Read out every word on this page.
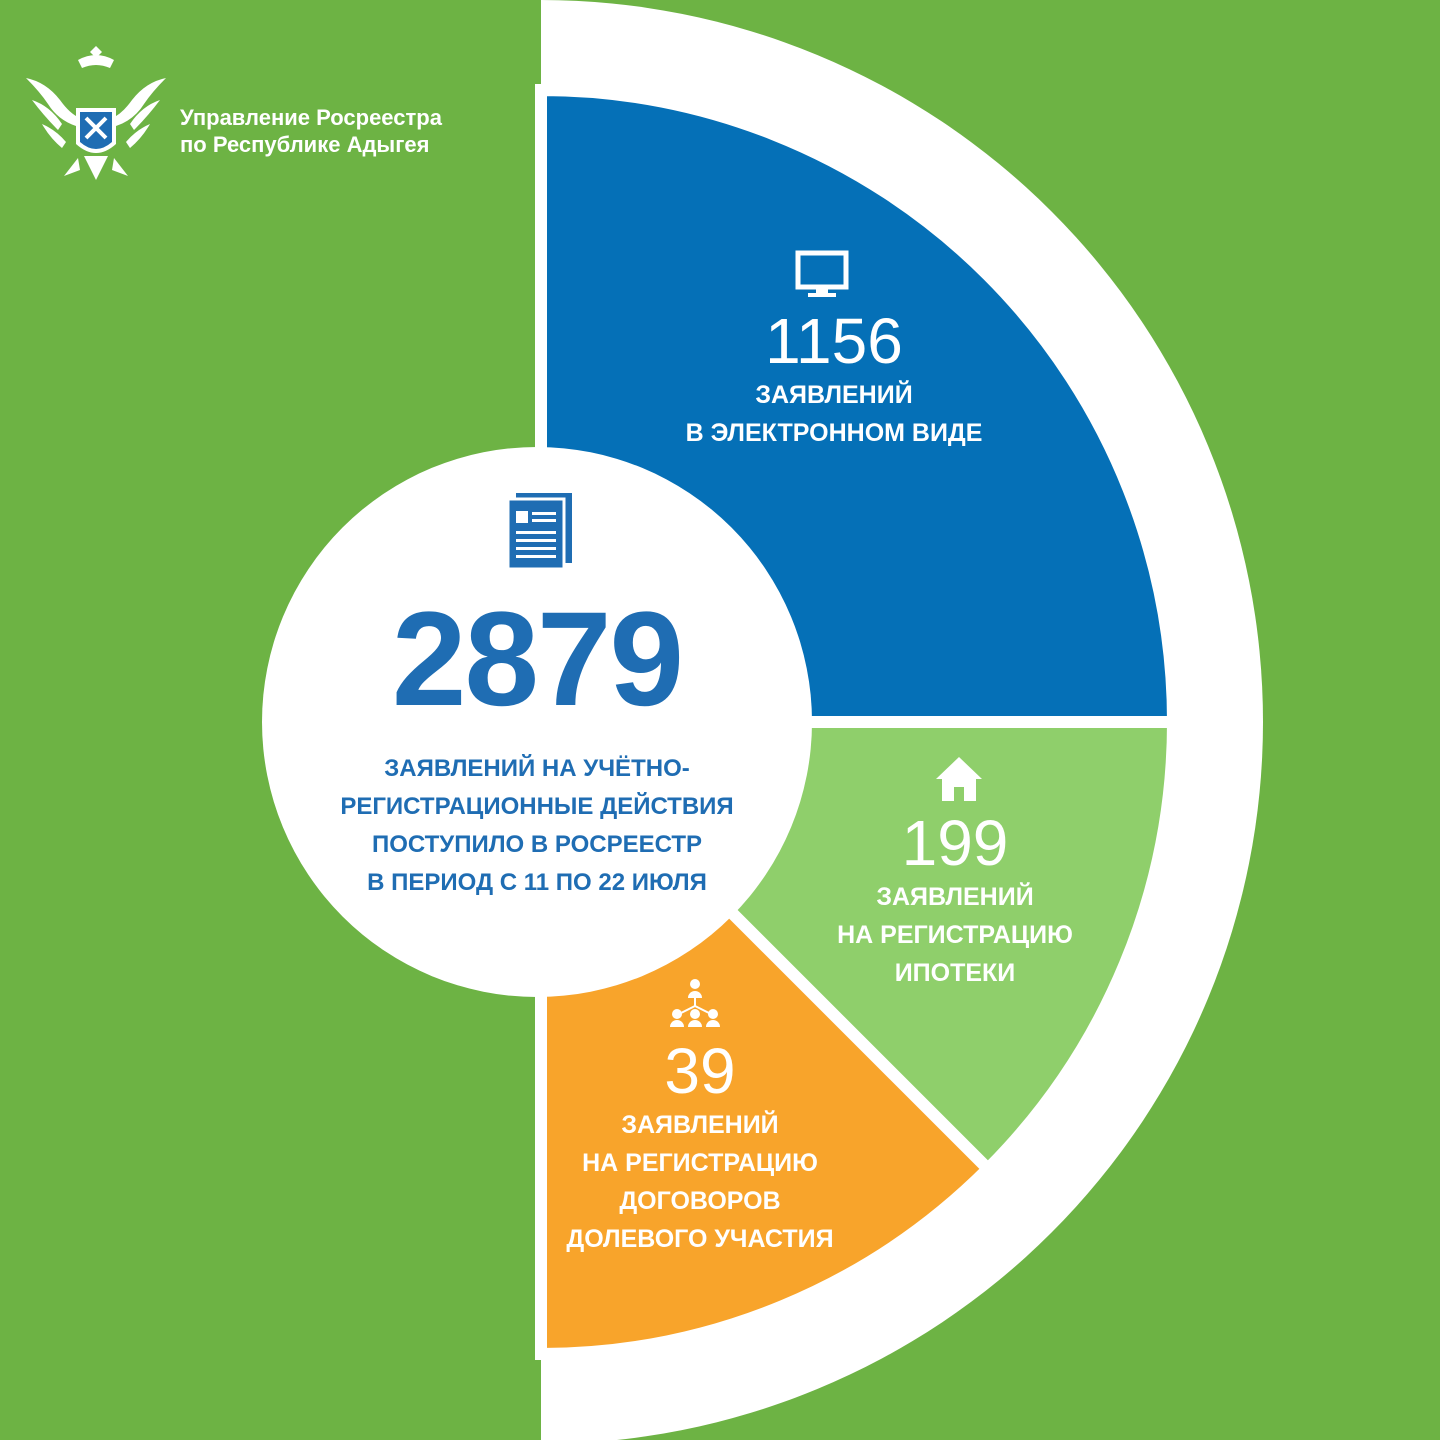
Управление Росреестра
по Республике Адыгея
1156
ЗАЯВЛЕНИЙ
В ЭЛЕКТРОННОМ ВИДЕ
199
ЗАЯВЛЕНИЙ
НА РЕГИСТРАЦИЮ
ИПОТЕКИ
39
ЗАЯВЛЕНИЙ
НА РЕГИСТРАЦИЮ
ДОГОВОРОВ
ДОЛЕВОГО УЧАСТИЯ
2879
ЗАЯВЛЕНИЙ НА УЧЁТНО-
РЕГИСТРАЦИОННЫЕ ДЕЙСТВИЯ
ПОСТУПИЛО В РОСРЕЕСТР
В ПЕРИОД С 11 ПО 22 ИЮЛЯ
